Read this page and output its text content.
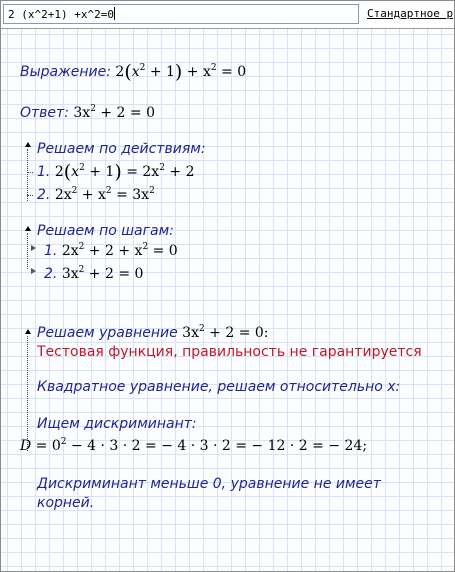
2 (x^2+1) +x^2=0	Стандартное р
Выражение: $2(x^2 + 1) + x^2 = 0$
Ответ: $3x^2 + 2 = 0$
Решаем по действиям:
1. $2(x^2 + 1) = 2x^2 + 2$
2. $2x^2 + x^2 = 3x^2$
Решаем по шагам:
1. $2x^2 + 2 + x^2 = 0$
2. $3x^2 + 2 = 0$
Решаем уравнение $3x^2 + 2 = 0$:
Тестовая функция, правильность не гарантируется
Квадратное уравнение, решаем относительно x:
Ищем дискриминант:
$D = 0^2 - 4 \cdot 3 \cdot 2$ = − 4 · 3 · 2 = − 12 · 2 = − 24;
Дискриминант меньше 0, уравнение не имеет
корней.
